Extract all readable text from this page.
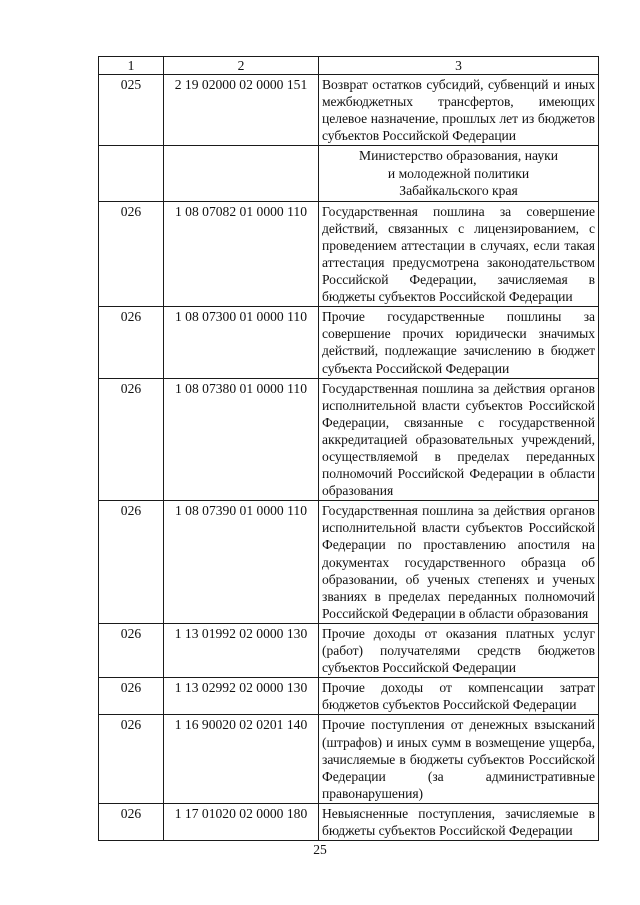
1	2	3
025	2 19 02000 02 0000 151	Возврат остатков субсидий, субвенций и иных межбюджетных трансфертов, имеющих целевое назначение, прошлых лет из бюджетов субъектов Российской Федерации

		Министерство образования, науки
и молодежной политики
Забайкальского края

026	1 08 07082 01 0000 110	Государственная пошлина за совершение действий, связанных с лицензированием, с проведением аттестации в случаях, если такая аттестация предусмотрена законодательством Российской Федерации, зачисляемая в бюджеты субъектов Российской Федерации
026	1 08 07300 01 0000 110	Прочие государственные пошлины за совершение прочих юридически значимых действий, подлежащие зачислению в бюджет субъекта Российской Федерации
026	1 08 07380 01 0000 110	Государственная пошлина за действия органов исполнительной власти субъектов Российской Федерации, связанные с государственной аккредитацией образовательных учреждений, осуществляемой в пределах переданных полномочий Российской Федерации в области образования
026	1 08 07390 01 0000 110	Государственная пошлина за действия органов исполнительной власти субъектов Российской Федерации по проставлению апостиля на документах государственного образца об образовании, об ученых степенях и ученых званиях в пределах переданных полномочий Российской Федерации в области образования
026	1 13 01992 02 0000 130	Прочие доходы от оказания платных услуг (работ) получателями средств бюджетов субъектов Российской Федерации
026	1 13 02992 02 0000 130	Прочие доходы от компенсации затрат бюджетов субъектов Российской Федерации
026	1 16 90020 02 0201 140	Прочие поступления от денежных взысканий (штрафов) и иных сумм в возмещение ущерба, зачисляемые в бюджеты субъектов Российской Федерации (за административные правонарушения)
026	1 17 01020 02 0000 180	Невыясненные поступления, зачисляемые в бюджеты субъектов Российской Федерации
25
